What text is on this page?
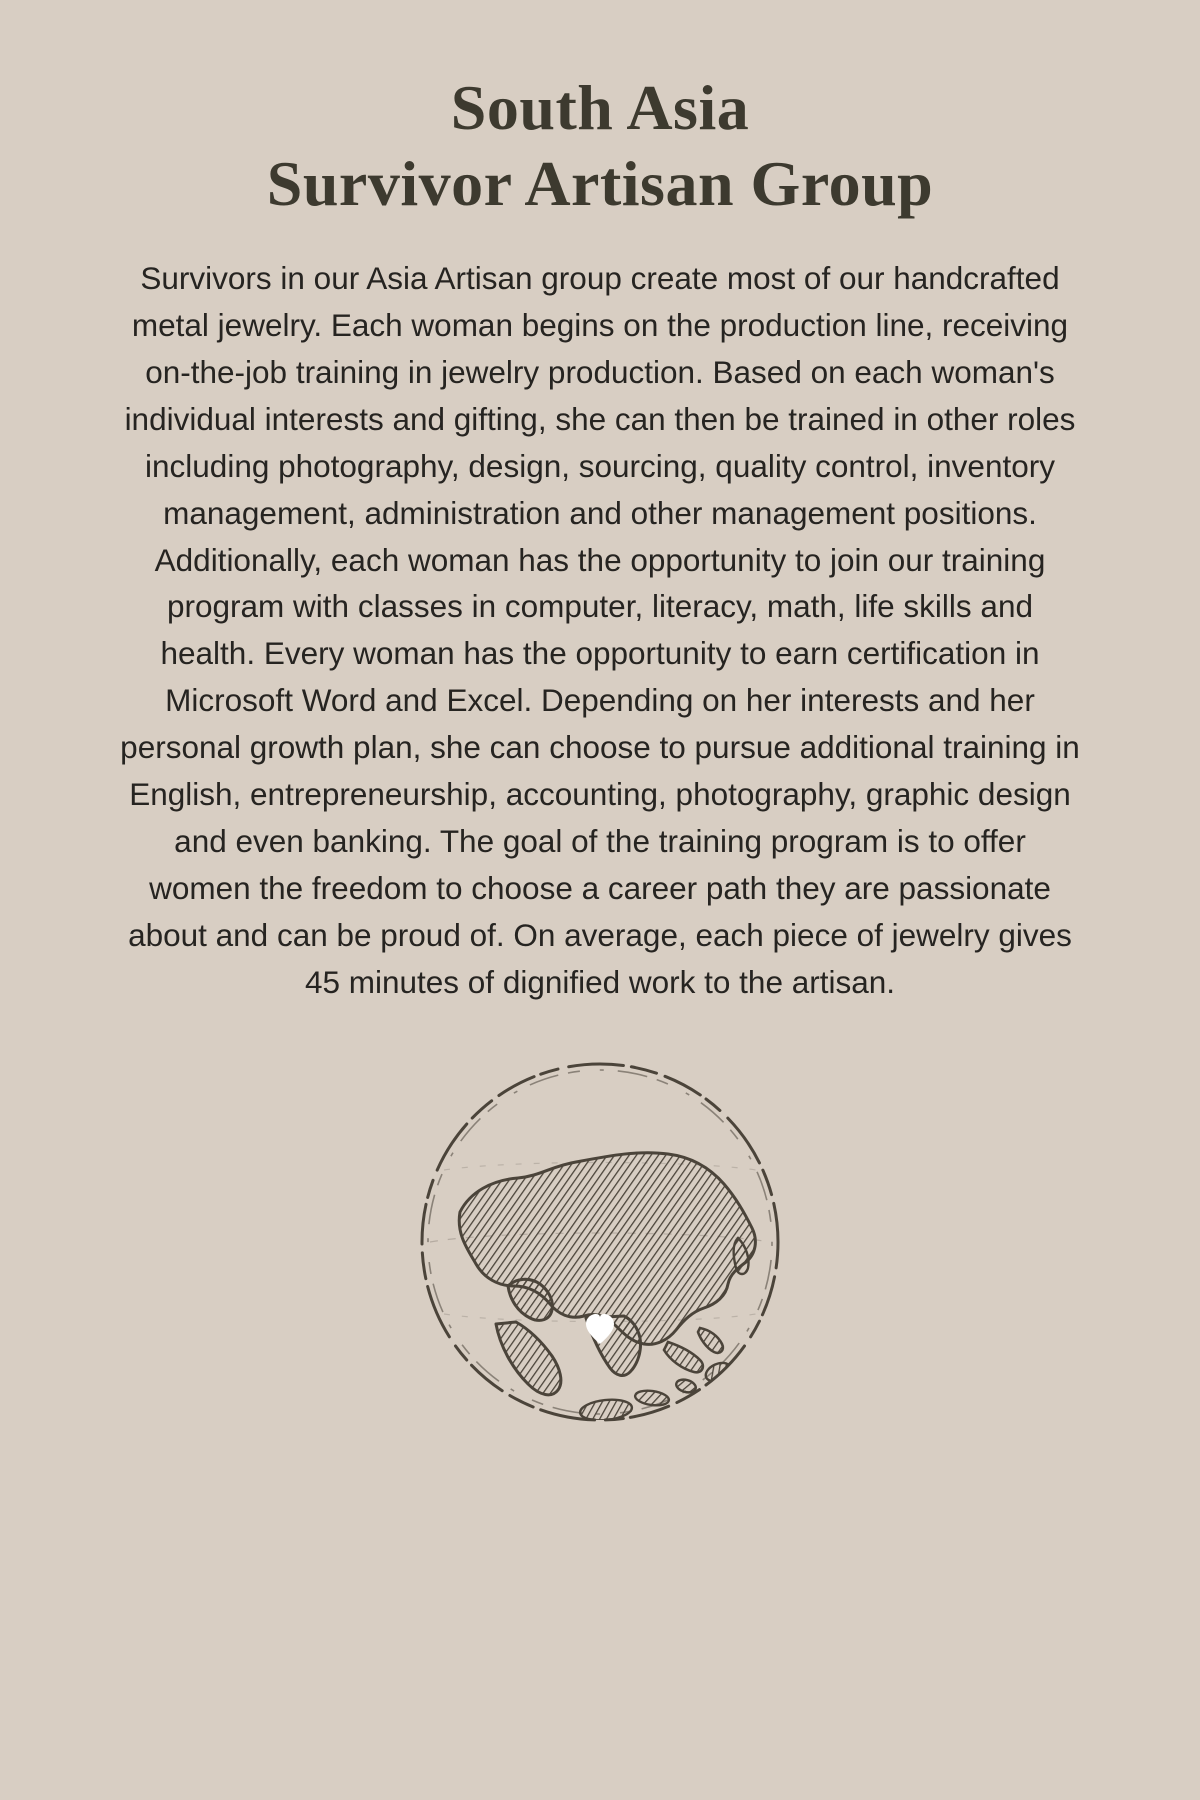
South Asia
Survivor Artisan Group
Survivors in our Asia Artisan group create most of our handcrafted metal jewelry. Each woman begins on the production line, receiving on-the-job training in jewelry production. Based on each woman's individual interests and gifting, she can then be trained in other roles including photography, design, sourcing, quality control, inventory management, administration and other management positions. Additionally, each woman has the opportunity to join our training program with classes in computer, literacy, math, life skills and health. Every woman has the opportunity to earn certification in Microsoft Word and Excel. Depending on her interests and her personal growth plan, she can choose to pursue additional training in English, entrepreneurship, accounting, photography, graphic design and even banking. The goal of the training program is to offer women the freedom to choose a career path they are passionate about and can be proud of. On average, each piece of jewelry gives 45 minutes of dignified work to the artisan.
